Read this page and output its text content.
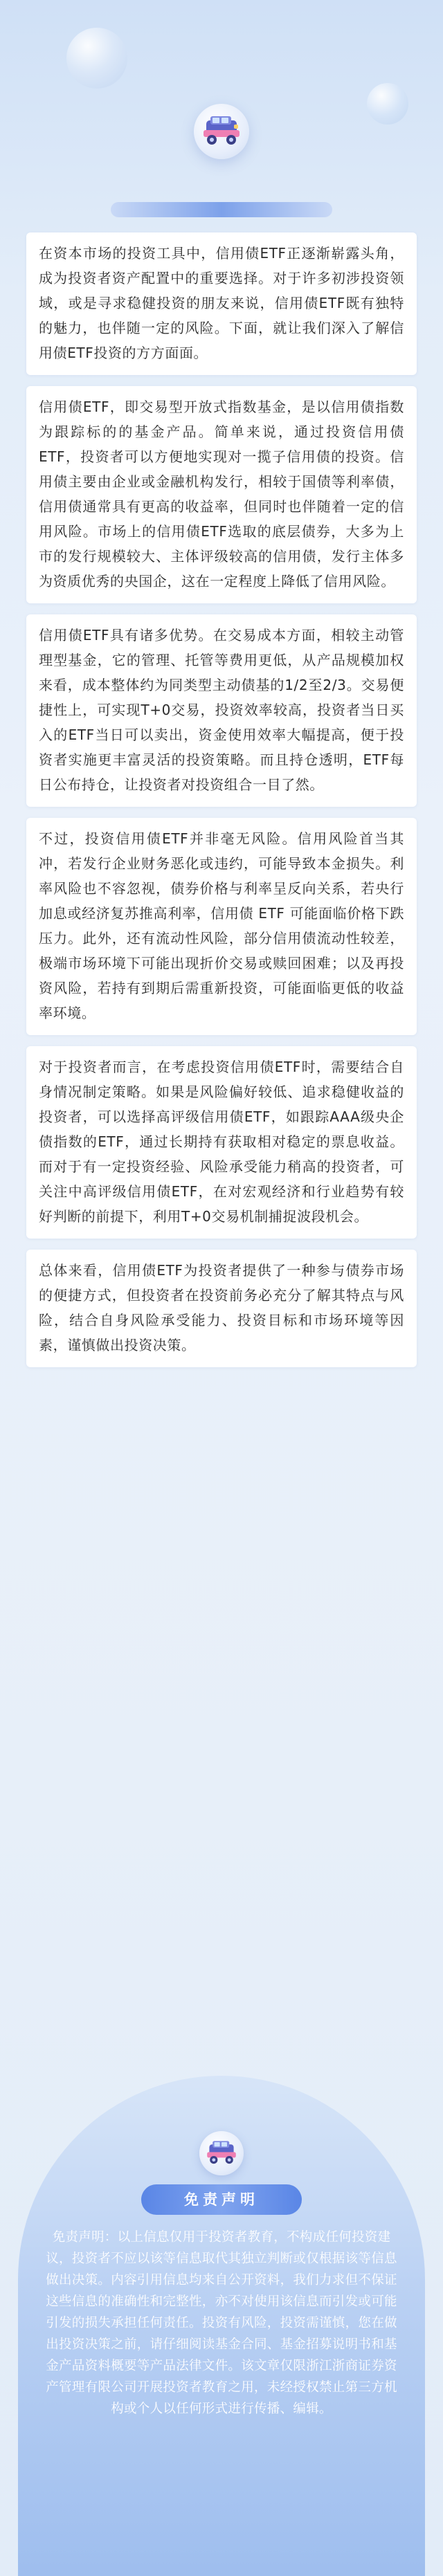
在资本市场的投资工具中，信用债ETF正逐渐崭露头角，成为投资者资产配置中的重要选择。对于许多初涉投资领域，或是寻求稳健投资的朋友来说，信用债ETF既有独特的魅力，也伴随一定的风险。下面，就让我们深入了解信用债ETF投资的方方面面。

信用债ETF，即交易型开放式指数基金，是以信用债指数为跟踪标的的基金产品。简单来说，通过投资信用债ETF，投资者可以方便地实现对一揽子信用债的投资。信用债主要由企业或金融机构发行，相较于国债等利率债，信用债通常具有更高的收益率，但同时也伴随着一定的信用风险。市场上的信用债ETF选取的底层债券，大多为上市的发行规模较大、主体评级较高的信用债，发行主体多为资质优秀的央国企，这在一定程度上降低了信用风险。

信用债ETF具有诸多优势。在交易成本方面，相较主动管理型基金，它的管理、托管等费用更低，从产品规模加权来看，成本整体约为同类型主动债基的1/2至2/3。交易便捷性上，可实现T+0交易，投资效率较高，投资者当日买入的ETF当日可以卖出，资金使用效率大幅提高，便于投资者实施更丰富灵活的投资策略。而且持仓透明，ETF每日公布持仓，让投资者对投资组合一目了然。

不过，投资信用债ETF并非毫无风险。信用风险首当其冲，若发行企业财务恶化或违约，可能导致本金损失。利率风险也不容忽视，债券价格与利率呈反向关系，若央行加息或经济复苏推高利率，信用债 ETF 可能面临价格下跌压力。此外，还有流动性风险，部分信用债流动性较差，极端市场环境下可能出现折价交易或赎回困难；以及再投资风险，若持有到期后需重新投资，可能面临更低的收益率环境。

对于投资者而言，在考虑投资信用债ETF时，需要结合自身情况制定策略。如果是风险偏好较低、追求稳健收益的投资者，可以选择高评级信用债ETF，如跟踪AAA级央企债指数的ETF，通过长期持有获取相对稳定的票息收益。而对于有一定投资经验、风险承受能力稍高的投资者，可关注中高评级信用债ETF，在对宏观经济和行业趋势有较好判断的前提下，利用T+0交易机制捕捉波段机会。

总体来看，信用债ETF为投资者提供了一种参与债券市场的便捷方式，但投资者在投资前务必充分了解其特点与风险，结合自身风险承受能力、投资目标和市场环境等因素，谨慎做出投资决策。

免责声明
免责声明：以上信息仅用于投资者教育，不构成任何投资建议，投资者不应以该等信息取代其独立判断或仅根据该等信息做出决策。内容引用信息均来自公开资料，我们力求但不保证这些信息的准确性和完整性，亦不对使用该信息而引发或可能引发的损失承担任何责任。投资有风险，投资需谨慎，您在做出投资决策之前，请仔细阅读基金合同、基金招募说明书和基金产品资料概要等产品法律文件。该文章仅限浙江浙商证券资产管理有限公司开展投资者教育之用，未经授权禁止第三方机构或个人以任何形式进行传播、编辑。
